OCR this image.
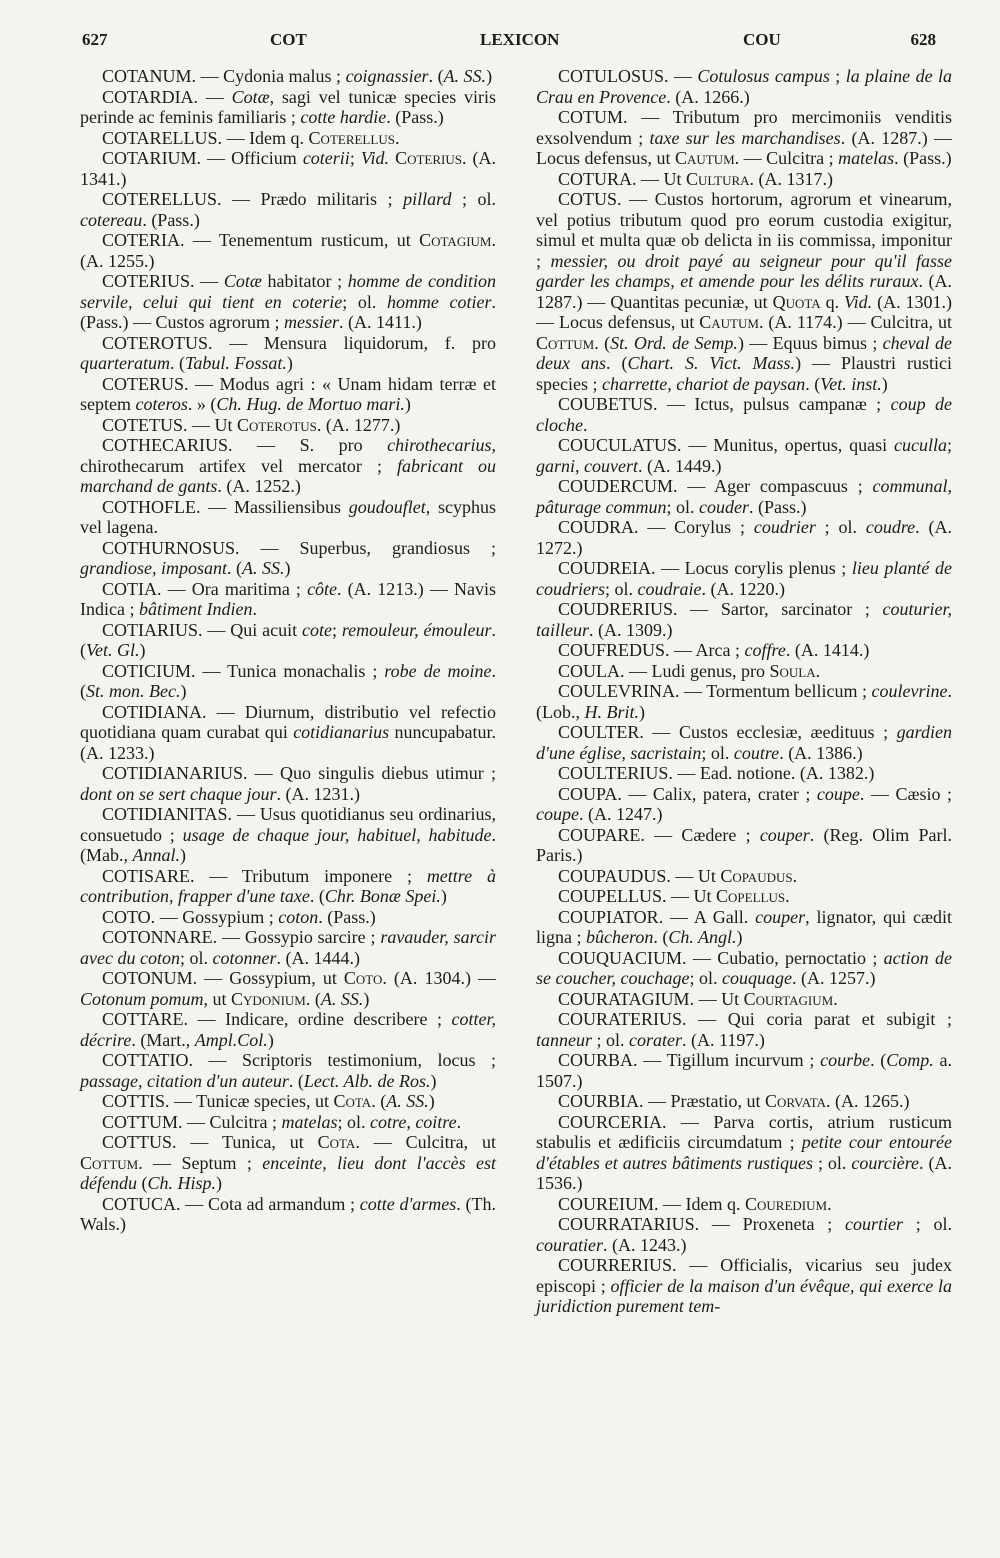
627	COT	LEXICON	COU	628

COTANUM. — Cydonia malus ; coignassier. (A. SS.)

COTARDIA. — Cotæ, sagi vel tunicæ species viris perinde ac feminis familiaris ; cotte hardie. (Pass.)

COTARELLUS. — Idem q. Coterellus.

COTARIUM. — Officium coterii; Vid. Coterius. (A. 1341.)

COTERELLUS. — Prædo militaris ; pillard ; ol. cotereau. (Pass.)

COTERIA. — Tenementum rusticum, ut Cotagium. (A. 1255.)

COTERIUS. — Cotæ habitator ; homme de condition servile, celui qui tient en coterie; ol. homme cotier. (Pass.) — Custos agrorum ; messier. (A. 1411.)

COTEROTUS. — Mensura liquidorum, f. pro quarteratum. (Tabul. Fossat.)

COTERUS. — Modus agri : « Unam hidam terræ et septem coteros. » (Ch. Hug. de Mortuo mari.)

COTETUS. — Ut Coterotus. (A. 1277.)

COTHECARIUS. — S. pro chirothecarius, chirothecarum artifex vel mercator ; fabricant ou marchand de gants. (A. 1252.)

COTHOFLE. — Massiliensibus goudouflet, scyphus vel lagena.

COTHURNOSUS. — Superbus, grandiosus ; grandiose, imposant. (A. SS.)

COTIA. — Ora maritima ; côte. (A. 1213.) — Navis Indica ; bâtiment Indien.

COTIARIUS. — Qui acuit cote; remouleur, émouleur. (Vet. Gl.)

COTICIUM. — Tunica monachalis ; robe de moine. (St. mon. Bec.)

COTIDIANA. — Diurnum, distributio vel refectio quotidiana quam curabat qui cotidianarius nuncupabatur. (A. 1233.)

COTIDIANARIUS. — Quo singulis diebus utimur ; dont on se sert chaque jour. (A. 1231.)

COTIDIANITAS. — Usus quotidianus seu ordinarius, consuetudo ; usage de chaque jour, habituel, habitude. (Mab., Annal.)

COTISARE. — Tributum imponere ; mettre à contribution, frapper d'une taxe. (Chr. Bonæ Spei.)

COTO. — Gossypium ; coton. (Pass.)

COTONNARE. — Gossypio sarcire ; ravauder, sarcir avec du coton; ol. cotonner. (A. 1444.)

COTONUM. — Gossypium, ut Coto. (A. 1304.) — Cotonum pomum, ut Cydonium. (A. SS.)

COTTARE. — Indicare, ordine describere ; cotter, décrire. (Mart., Ampl.Col.)

COTTATIO. — Scriptoris testimonium, locus ; passage, citation d'un auteur. (Lect. Alb. de Ros.)

COTTIS. — Tunicæ species, ut Cota. (A. SS.)

COTTUM. — Culcitra ; matelas; ol. cotre, coitre.

COTTUS. — Tunica, ut Cota. — Culcitra, ut Cottum. — Septum ; enceinte, lieu dont l'accès est défendu (Ch. Hisp.)

COTUCA. — Cota ad armandum ; cotte d'armes. (Th. Wals.)

COTULOSUS. — Cotulosus campus ; la plaine de la Crau en Provence. (A. 1266.)

COTUM. — Tributum pro mercimoniis venditis exsolvendum ; taxe sur les marchandises. (A. 1287.) — Locus defensus, ut Cautum. — Culcitra ; matelas. (Pass.)

COTURA. — Ut Cultura. (A. 1317.)

COTUS. — Custos hortorum, agrorum et vinearum, vel potius tributum quod pro eorum custodia exigitur, simul et multa quæ ob delicta in iis commissa, imponitur ; messier, ou droit payé au seigneur pour qu'il fasse garder les champs, et amende pour les délits ruraux. (A. 1287.) — Quantitas pecuniæ, ut Quota q. Vid. (A. 1301.) — Locus defensus, ut Cautum. (A. 1174.) — Culcitra, ut Cottum. (St. Ord. de Semp.) — Equus bimus ; cheval de deux ans. (Chart. S. Vict. Mass.) — Plaustri rustici species ; charrette, chariot de paysan. (Vet. inst.)

COUBETUS. — Ictus, pulsus campanæ ; coup de cloche.

COUCULATUS. — Munitus, opertus, quasi cuculla; garni, couvert. (A. 1449.)

COUDERCUM. — Ager compascuus ; communal, pâturage commun; ol. couder. (Pass.)

COUDRA. — Corylus ; coudrier ; ol. coudre. (A. 1272.)

COUDREIA. — Locus corylis plenus ; lieu planté de coudriers; ol. coudraie. (A. 1220.)

COUDRERIUS. — Sartor, sarcinator ; couturier, tailleur. (A. 1309.)

COUFREDUS. — Arca ; coffre. (A. 1414.)

COULA. — Ludi genus, pro Soula.

COULEVRINA. — Tormentum bellicum ; coulevrine. (Lob., H. Brit.)

COULTER. — Custos ecclesiæ, æedituus ; gardien d'une église, sacristain; ol. coutre. (A. 1386.)

COULTERIUS. — Ead. notione. (A. 1382.)

COUPA. — Calix, patera, crater ; coupe. — Cæsio ; coupe. (A. 1247.)

COUPARE. — Cædere ; couper. (Reg. Olim Parl. Paris.)

COUPAUDUS. — Ut Copaudus.

COUPELLUS. — Ut Copellus.

COUPIATOR. — A Gall. couper, lignator, qui cædit ligna ; bûcheron. (Ch. Angl.)

COUQUACIUM. — Cubatio, pernoctatio ; action de se coucher, couchage; ol. couquage. (A. 1257.)

COURATAGIUM. — Ut Courtagium.

COURATERIUS. — Qui coria parat et subigit ; tanneur ; ol. corater. (A. 1197.)

COURBA. — Tigillum incurvum ; courbe. (Comp. a. 1507.)

COURBIA. — Præstatio, ut Corvata. (A. 1265.)

COURCERIA. — Parva cortis, atrium rusticum stabulis et ædificiis circumdatum ; petite cour entourée d'étables et autres bâtiments rustiques ; ol. courcière. (A. 1536.)

COUREIUM. — Idem q. Couredium.

COURRATARIUS. — Proxeneta ; courtier ; ol. couratier. (A. 1243.)

COURRERIUS. — Officialis, vicarius seu judex episcopi ; officier de la maison d'un évêque, qui exerce la juridiction purement tem-
